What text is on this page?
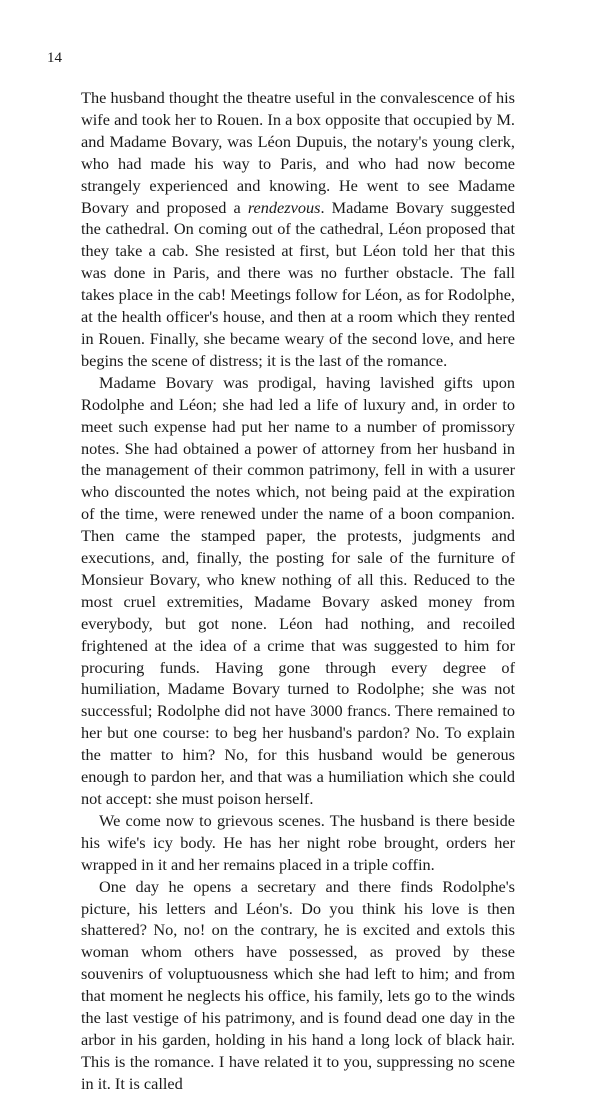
14

The husband thought the theatre useful in the convalescence of his wife and took her to Rouen. In a box opposite that occupied by M. and Madame Bovary, was Léon Dupuis, the notary's young clerk, who had made his way to Paris, and who had now become strangely experienced and knowing. He went to see Madame Bovary and proposed a rendezvous. Madame Bovary suggested the cathedral. On coming out of the cathedral, Léon proposed that they take a cab. She resisted at first, but Léon told her that this was done in Paris, and there was no further obstacle. The fall takes place in the cab! Meetings follow for Léon, as for Rodolphe, at the health officer's house, and then at a room which they rented in Rouen. Finally, she became weary of the second love, and here begins the scene of distress; it is the last of the romance.

Madame Bovary was prodigal, having lavished gifts upon Rodolphe and Léon; she had led a life of luxury and, in order to meet such expense had put her name to a number of promissory notes. She had obtained a power of attorney from her husband in the management of their common patrimony, fell in with a usurer who discounted the notes which, not being paid at the expiration of the time, were renewed under the name of a boon companion. Then came the stamped paper, the protests, judgments and executions, and, finally, the posting for sale of the furniture of Monsieur Bovary, who knew nothing of all this. Reduced to the most cruel extremities, Madame Bovary asked money from everybody, but got none. Léon had nothing, and recoiled frightened at the idea of a crime that was suggested to him for procuring funds. Having gone through every degree of humiliation, Madame Bovary turned to Rodolphe; she was not successful; Rodolphe did not have 3000 francs. There remained to her but one course: to beg her husband's pardon? No. To explain the matter to him? No, for this husband would be generous enough to pardon her, and that was a humiliation which she could not accept: she must poison herself.

We come now to grievous scenes. The husband is there beside his wife's icy body. He has her night robe brought, orders her wrapped in it and her remains placed in a triple coffin.

One day he opens a secretary and there finds Rodolphe's picture, his letters and Léon's. Do you think his love is then shattered? No, no! on the contrary, he is excited and extols this woman whom others have possessed, as proved by these souvenirs of voluptuousness which she had left to him; and from that moment he neglects his office, his family, lets go to the winds the last vestige of his patrimony, and is found dead one day in the arbor in his garden, holding in his hand a long lock of black hair. This is the romance. I have related it to you, suppressing no scene in it. It is called
